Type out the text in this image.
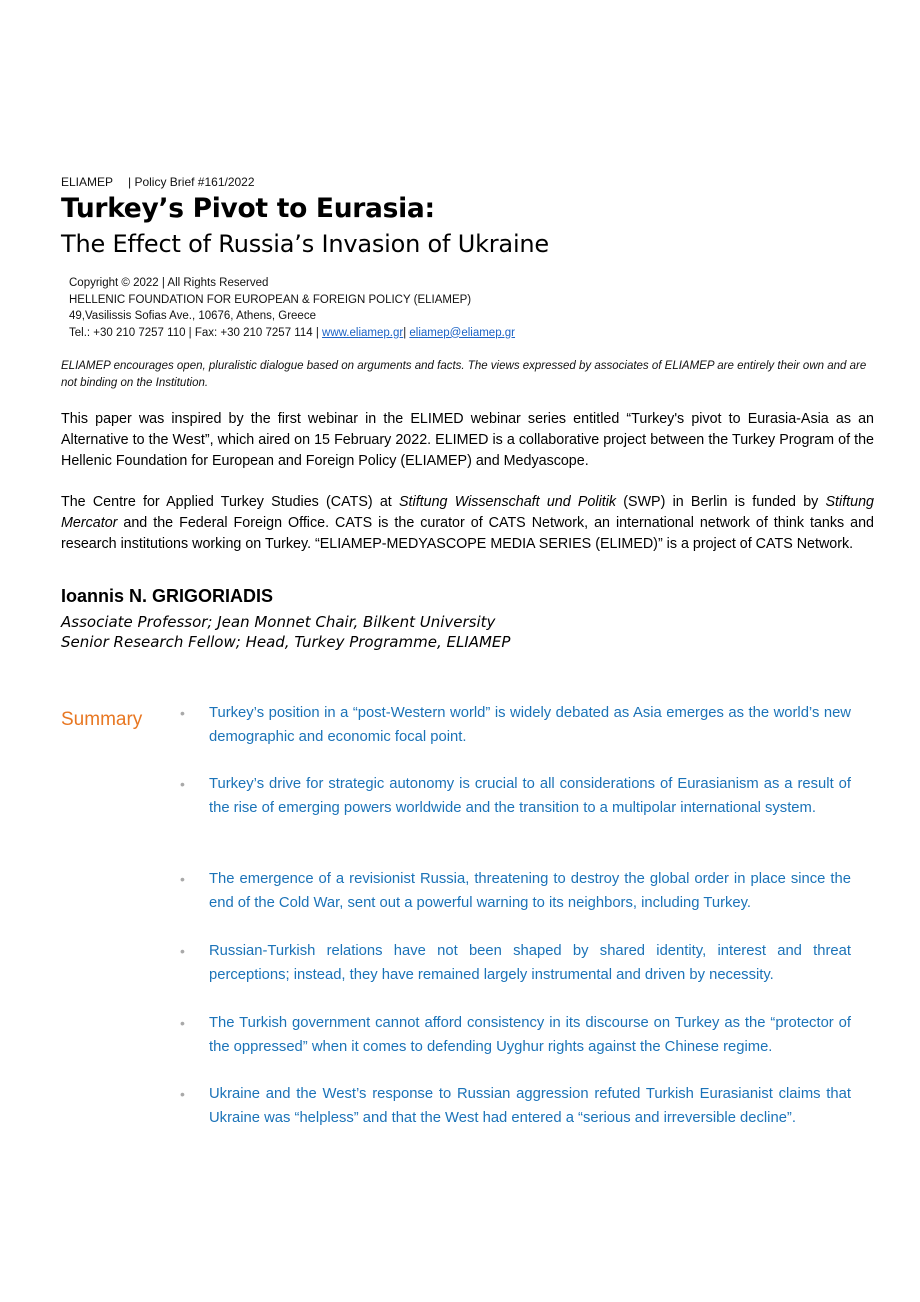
ELIAMEP | Policy Brief #161/2022
Turkey’s Pivot to Eurasia:
The Effect of Russia’s Invasion of Ukraine
Copyright © 2022 | All Rights Reserved
HELLENIC FOUNDATION FOR EUROPEAN & FOREIGN POLICY (ELIAMEP)
49,Vasilissis Sofias Ave., 10676, Athens, Greece
Tel.: +30 210 7257 110 | Fax: +30 210 7257 114 | www.eliamep.gr| eliamep@eliamep.gr
ELIAMEP encourages open, pluralistic dialogue based on arguments and facts. The views expressed by associates of ELIAMEP are entirely their own and are not binding on the Institution.
This paper was inspired by the first webinar in the ELIMED webinar series entitled “Turkey's pivot to Eurasia-Asia as an Alternative to the West”, which aired on 15 February 2022. ELIMED is a collaborative project between the Turkey Program of the Hellenic Foundation for European and Foreign Policy (ELIAMEP) and Medyascope.
The Centre for Applied Turkey Studies (CATS) at Stiftung Wissenschaft und Politik (SWP) in Berlin is funded by Stiftung Mercator and the Federal Foreign Office. CATS is the curator of CATS Network, an international network of think tanks and research institutions working on Turkey. “ELIAMEP-MEDYASCOPE MEDIA SERIES (ELIMED)” is a project of CATS Network.
Ioannis N. GRIGORIADIS
Associate Professor; Jean Monnet Chair, Bilkent University
Senior Research Fellow; Head, Turkey Programme, ELIAMEP
Summary	• Turkey’s position in a “post-Western world” is widely debated as Asia emerges as the world’s new demographic and economic focal point.
• Turkey’s drive for strategic autonomy is crucial to all considerations of Eurasianism as a result of the rise of emerging powers worldwide and the transition to a multipolar international system.
• The emergence of a revisionist Russia, threatening to destroy the global order in place since the end of the Cold War, sent out a powerful warning to its neighbors, including Turkey.
• Russian-Turkish relations have not been shaped by shared identity, interest and threat perceptions; instead, they have remained largely instrumental and driven by necessity.
• The Turkish government cannot afford consistency in its discourse on Turkey as the “protector of the oppressed” when it comes to defending Uyghur rights against the Chinese regime.
• Ukraine and the West’s response to Russian aggression refuted Turkish Eurasianist claims that Ukraine was “helpless” and that the West had entered a “serious and irreversible decline”.
